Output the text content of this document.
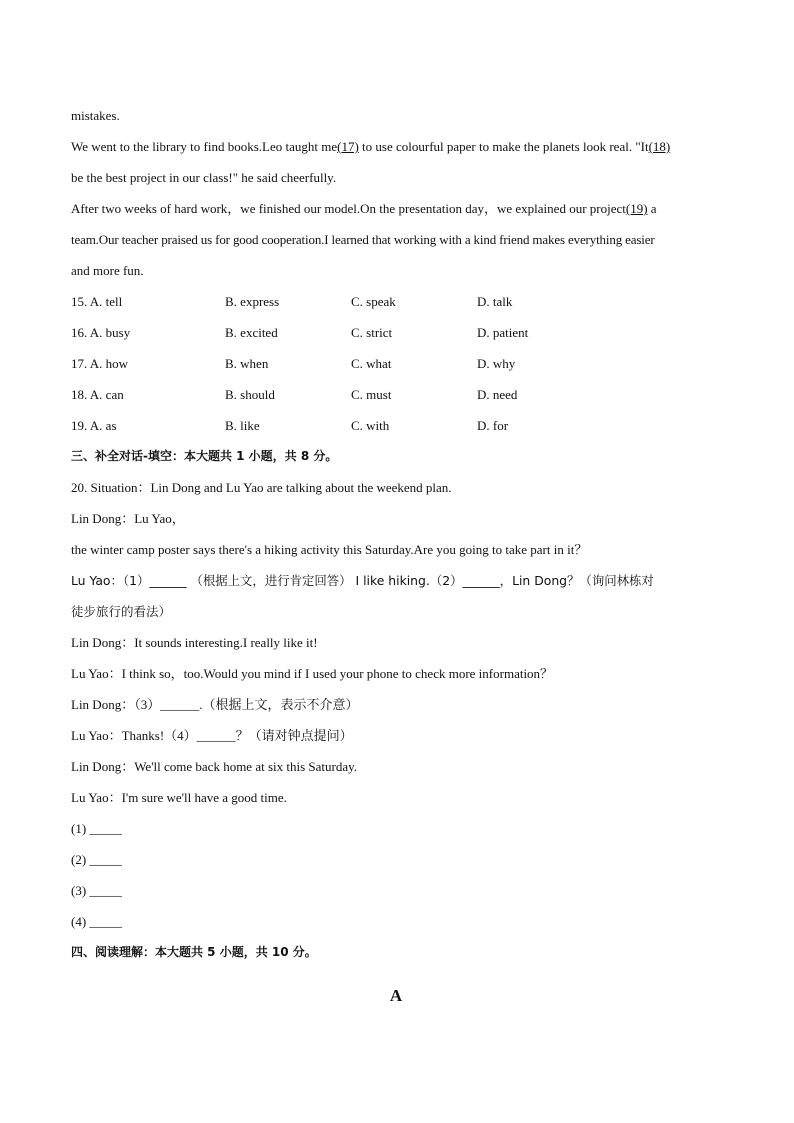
mistakes.
We went to the library to find books.Leo taught me(17) to use colourful paper to make the planets look real. "It(18)
be the best project in our class!" he said cheerfully.
After two weeks of hard work，we finished our model.On the presentation day，we explained our project(19) a
team.Our teacher praised us for good cooperation.I learned that working with a kind friend makes everything easier
and more fun.
15. A. tell	B. express	C. speak	D. talk
16. A. busy	B. excited	C. strict	D. patient
17. A. how	B. when	C. what	D. why
18. A. can	B. should	C. must	D. need
19. A. as	B. like	C. with	D. for
三、补全对话-填空：本大题共 1 小题，共 8 分。
20. Situation：Lin Dong and Lu Yao are talking about the weekend plan.
Lin Dong：Lu Yao，
the winter camp poster says there's a hiking activity this Saturday.Are you going to take part in it？
Lu Yao：（1）______ （根据上文，进行肯定回答） I like hiking.（2）______，Lin Dong？（询问林栋对
徒步旅行的看法）
Lin Dong：It sounds interesting.I really like it!
Lu Yao：I think so，too.Would you mind if I used your phone to check more information？
Lin Dong：（3）______.（根据上文，表示不介意）
Lu Yao：Thanks!（4）______？（请对钟点提问）
Lin Dong：We'll come back home at six this Saturday.
Lu Yao：I'm sure we'll have a good time.
(1) _____
(2) _____
(3) _____
(4) _____
四、阅读理解：本大题共 5 小题，共 10 分。
A
